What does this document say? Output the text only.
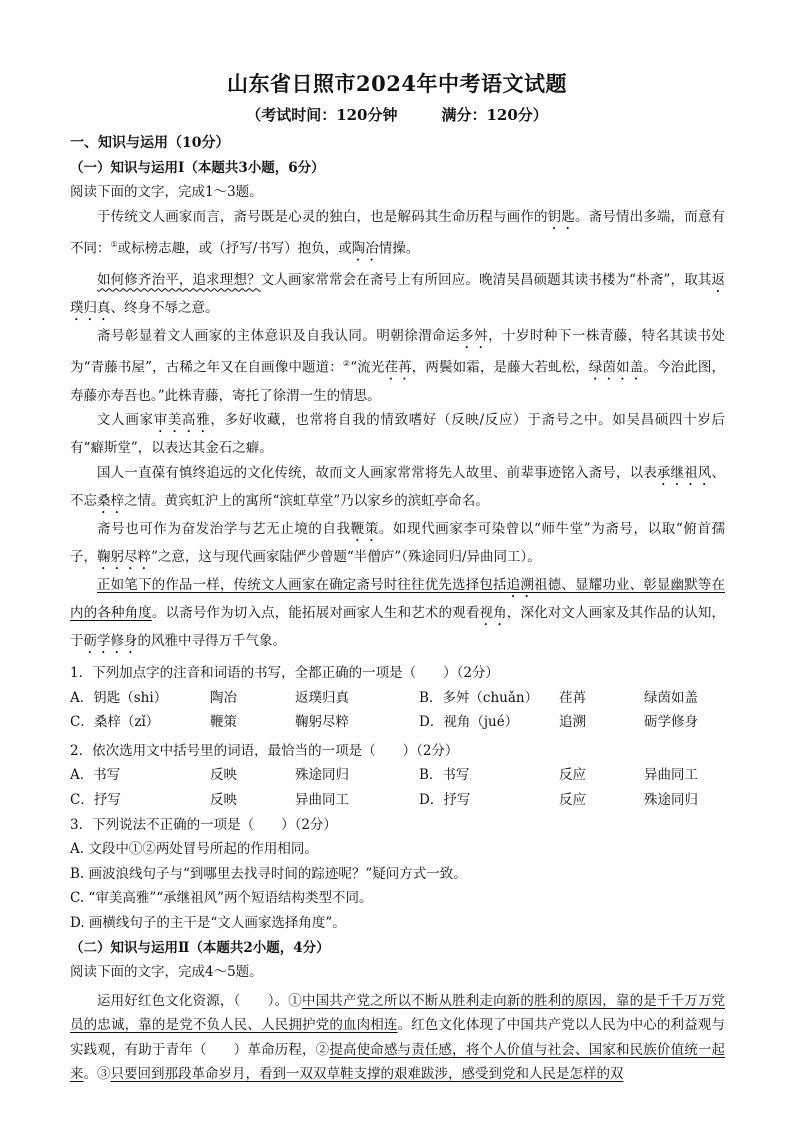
山东省日照市2024年中考语文试题
（考试时间：120分钟	满分：120分）

一、知识与运用（10分）

（一）知识与运用Ⅰ（本题共3小题，6分）

阅读下面的文字，完成1～3题。

于传统文人画家而言，斋号既是心灵的独白，也是解码其生命历程与画作的钥匙。斋号情出多端，而意有不同：①或标榜志趣，或（抒写/书写）抱负，或陶冶情操。

如何修齐治平，追求理想？文人画家常常会在斋号上有所回应。晚清吴昌硕题其读书楼为“朴斋”，取其返璞归真、终身不辱之意。

斋号彰显着文人画家的主体意识及自我认同。明朝徐渭命运多舛，十岁时种下一株青藤，特名其读书处为“青藤书屋”，古稀之年又在自画像中题道：②“流光荏苒，两鬓如霜，是藤大若虬松，绿茵如盖。今治此图，寿藤亦寿吾也。”此株青藤，寄托了徐渭一生的情思。

文人画家审美高雅，多好收藏，也常将自我的情致嗜好（反映/反应）于斋号之中。如吴昌硕四十岁后有“癖斯堂”，以表达其金石之癖。

国人一直葆有慎终追远的文化传统，故而文人画家常常将先人故里、前辈事迹铭入斋号，以表承继祖风、不忘桑梓之情。黄宾虹沪上的寓所“滨虹草堂”乃以家乡的滨虹亭命名。

斋号也可作为奋发治学与艺无止境的自我鞭策。如现代画家李可染曾以“师牛堂”为斋号，以取“俯首孺子，鞠躬尽粹”之意，这与现代画家陆俨少曾题“半僧庐”（殊途同归/异曲同工）。

正如笔下的作品一样，传统文人画家在确定斋号时往往优先选择包括追溯祖德、显耀功业、彰显幽默等在内的各种角度。以斋号作为切入点，能拓展对画家人生和艺术的观看视角，深化对文人画家及其作品的认知，于砺学修身的风雅中寻得万千气象。

1．下列加点字的注音和词语的书写，全都正确的一项是（　　）（2分）

A．钥匙（shi）	陶冶	返璞归真	B．多舛（chuǎn）	荏苒	绿茵如盖
C．桑梓（zǐ）	鞭策	鞠躬尽粹	D．视角（jué）	追溯	砺学修身

2．依次选用文中括号里的词语，最恰当的一项是（　　）（2分）

A．书写	反映	殊途同归	B．书写	反应	异曲同工
C．抒写	反映	异曲同工	D．抒写	反应	殊途同归

3．下列说法不正确的一项是（　　）（2分）

A. 文段中①②两处冒号所起的作用相同。

B. 画波浪线句子与“到哪里去找寻时间的踪迹呢？”疑问方式一致。

C. “审美高雅”“承继祖风”两个短语结构类型不同。

D. 画横线句子的主干是“文人画家选择角度”。

（二）知识与运用Ⅱ（本题共2小题，4分）

阅读下面的文字，完成4～5题。

运用好红色文化资源，（　　）。①中国共产党之所以不断从胜利走向新的胜利的原因，靠的是千千万万党员的忠诚，靠的是党不负人民、人民拥护党的血肉相连。红色文化体现了中国共产党以人民为中心的利益观与实践观，有助于青年（　　）革命历程，②提高使命感与责任感，将个人价值与社会、国家和民族价值统一起来。③只要回到那段革命岁月，看到一双双草鞋支撑的艰难跋涉，感受到党和人民是怎样的双
